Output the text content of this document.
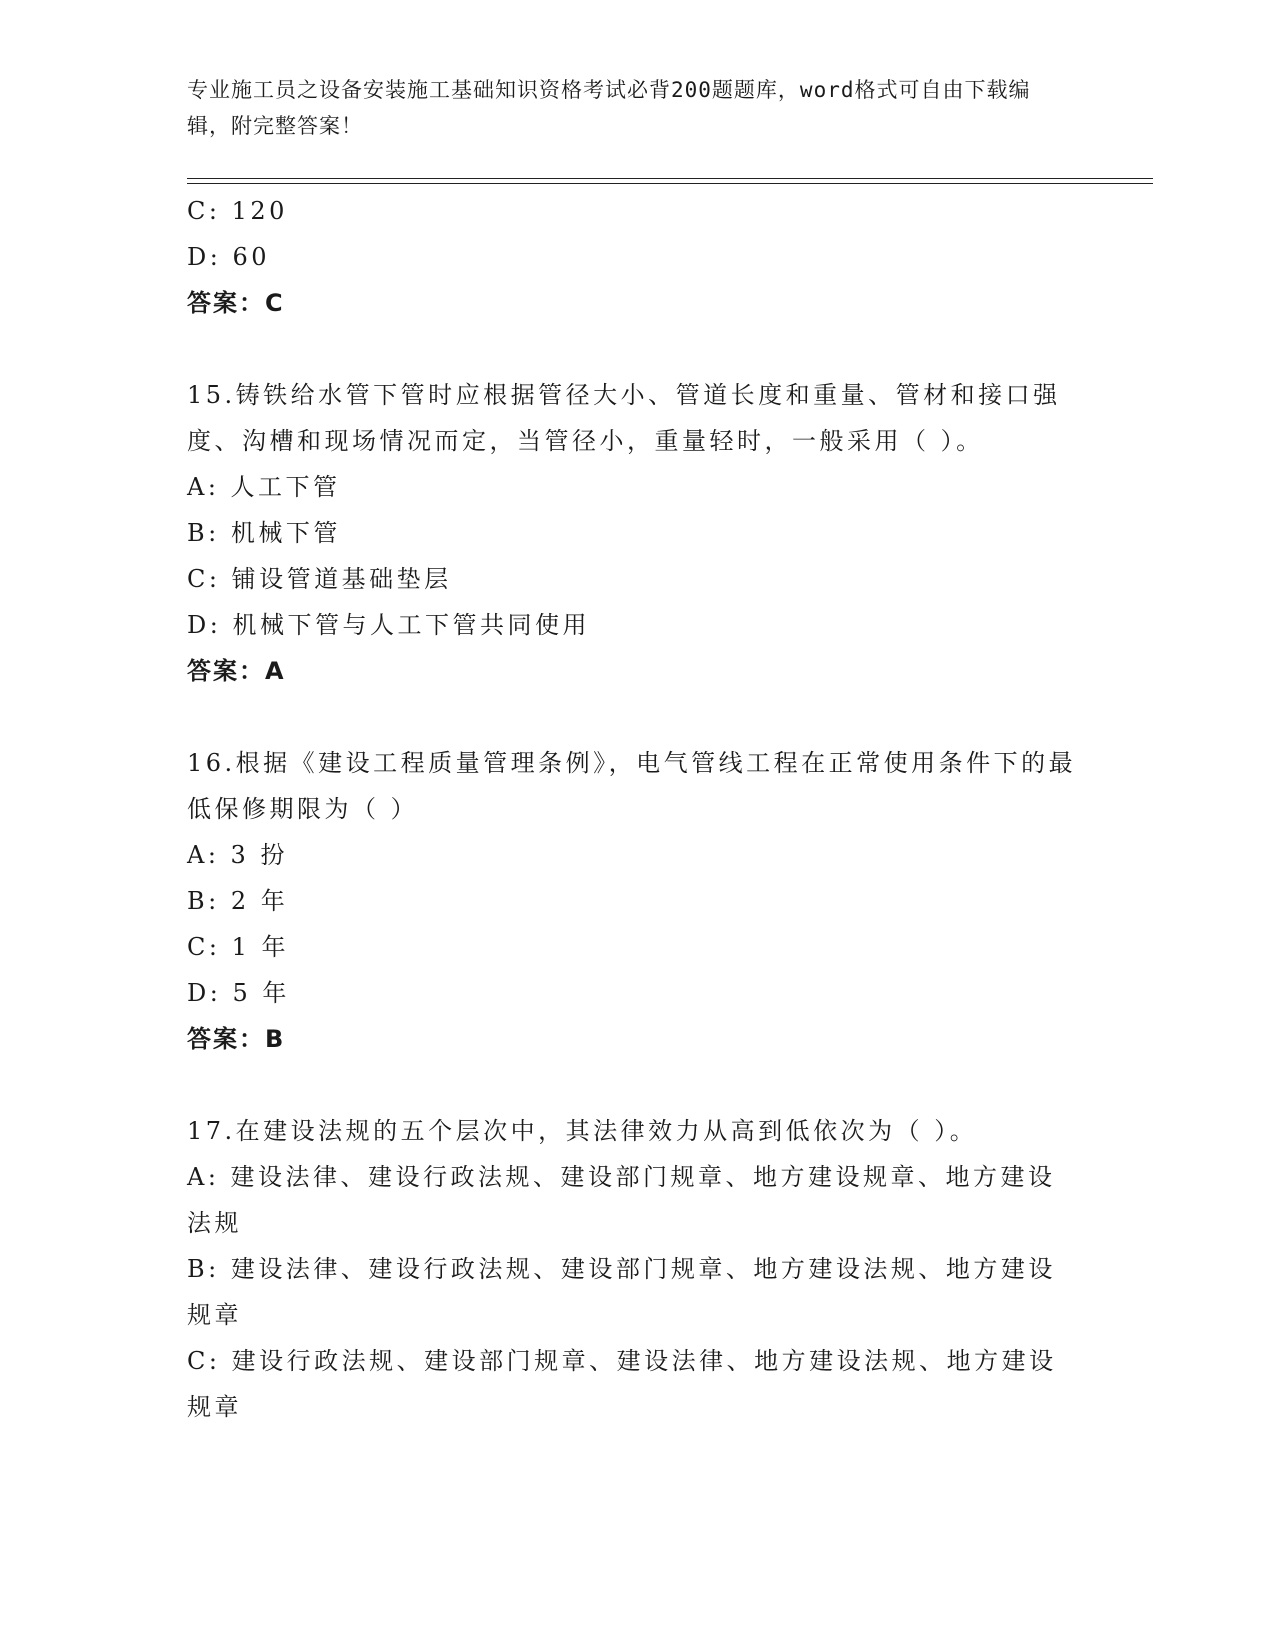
专业施工员之设备安装施工基础知识资格考试必背200题题库，word格式可自由下载编辑，附完整答案！
C: 120
D: 60
答案：C
15.铸铁给水管下管时应根据管径大小、管道长度和重量、管材和接口强度、沟槽和现场情况而定，当管径小，重量轻时，一般采用（ ）。
A: 人工下管
B: 机械下管
C: 铺设管道基础垫层
D: 机械下管与人工下管共同使用
答案：A
16.根据《建设工程质量管理条例》，电气管线工程在正常使用条件下的最低保修期限为（ ）
A: 3 扮
B: 2 年
C: 1 年
D: 5 年
答案：B
17.在建设法规的五个层次中，其法律效力从高到低依次为（ ）。
A: 建设法律、建设行政法规、建设部门规章、地方建设规章、地方建设法规
B: 建设法律、建设行政法规、建设部门规章、地方建设法规、地方建设规章
C: 建设行政法规、建设部门规章、建设法律、地方建设法规、地方建设规章
